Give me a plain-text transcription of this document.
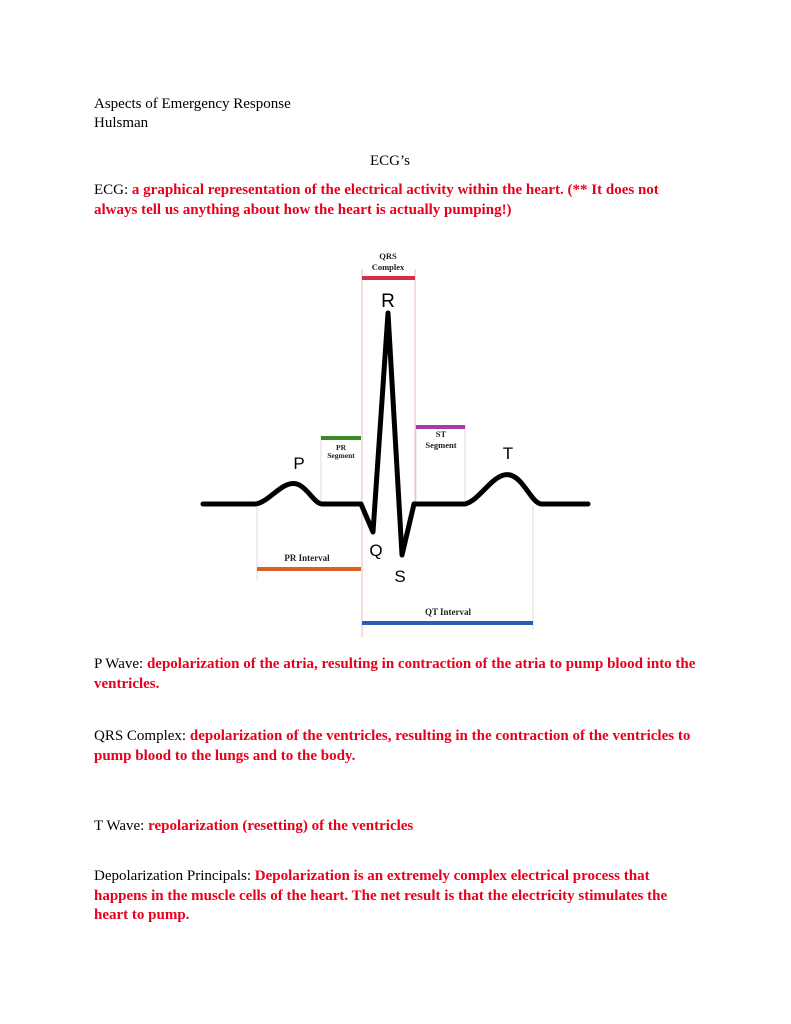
Aspects of Emergency Response
Hulsman
ECG’s
ECG: a graphical representation of the electrical activity within the heart. (** It does not always tell us anything about how the heart is actually pumping!)
QRS
Complex
PR
Segment
ST
Segment
PR Interval
QT Interval
R
P
T
Q
S
P Wave: depolarization of the atria, resulting in contraction of the atria to pump blood into the ventricles.
QRS Complex: depolarization of the ventricles, resulting in the contraction of the ventricles to pump blood to the lungs and to the body.
T Wave: repolarization (resetting) of the ventricles
Depolarization Principals: Depolarization is an extremely complex electrical process that happens in the muscle cells of the heart. The net result is that the electricity stimulates the heart to pump.
